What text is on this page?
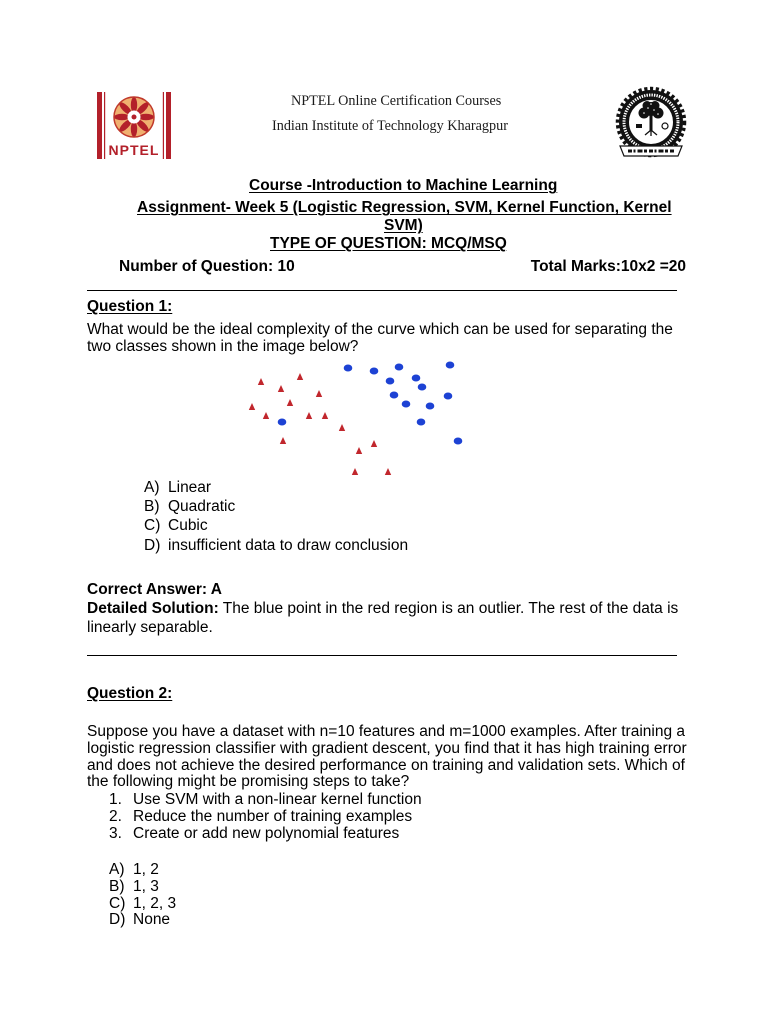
NPTEL
NPTEL Online Certification Courses
Indian Institute of Technology Kharagpur
Course -Introduction to Machine Learning
Assignment- Week 5 (Logistic Regression, SVM, Kernel Function, Kernel
SVM)
TYPE OF QUESTION: MCQ/MSQ
Number of Question: 10	Total Marks:10x2 =20
Question 1:
What would be the ideal complexity of the curve which can be used for separating the
two classes shown in the image below?
A) Linear
B) Quadratic
C) Cubic
D) insufficient data to draw conclusion
Correct Answer: A
Detailed Solution: The blue point in the red region is an outlier. The rest of the data is
linearly separable.
Question 2:
Suppose you have a dataset with n=10 features and m=1000 examples. After training a
logistic regression classifier with gradient descent, you find that it has high training error
and does not achieve the desired performance on training and validation sets. Which of
the following might be promising steps to take?
1. Use SVM with a non-linear kernel function
2. Reduce the number of training examples
3. Create or add new polynomial features
A) 1, 2
B) 1, 3
C) 1, 2, 3
D) None
